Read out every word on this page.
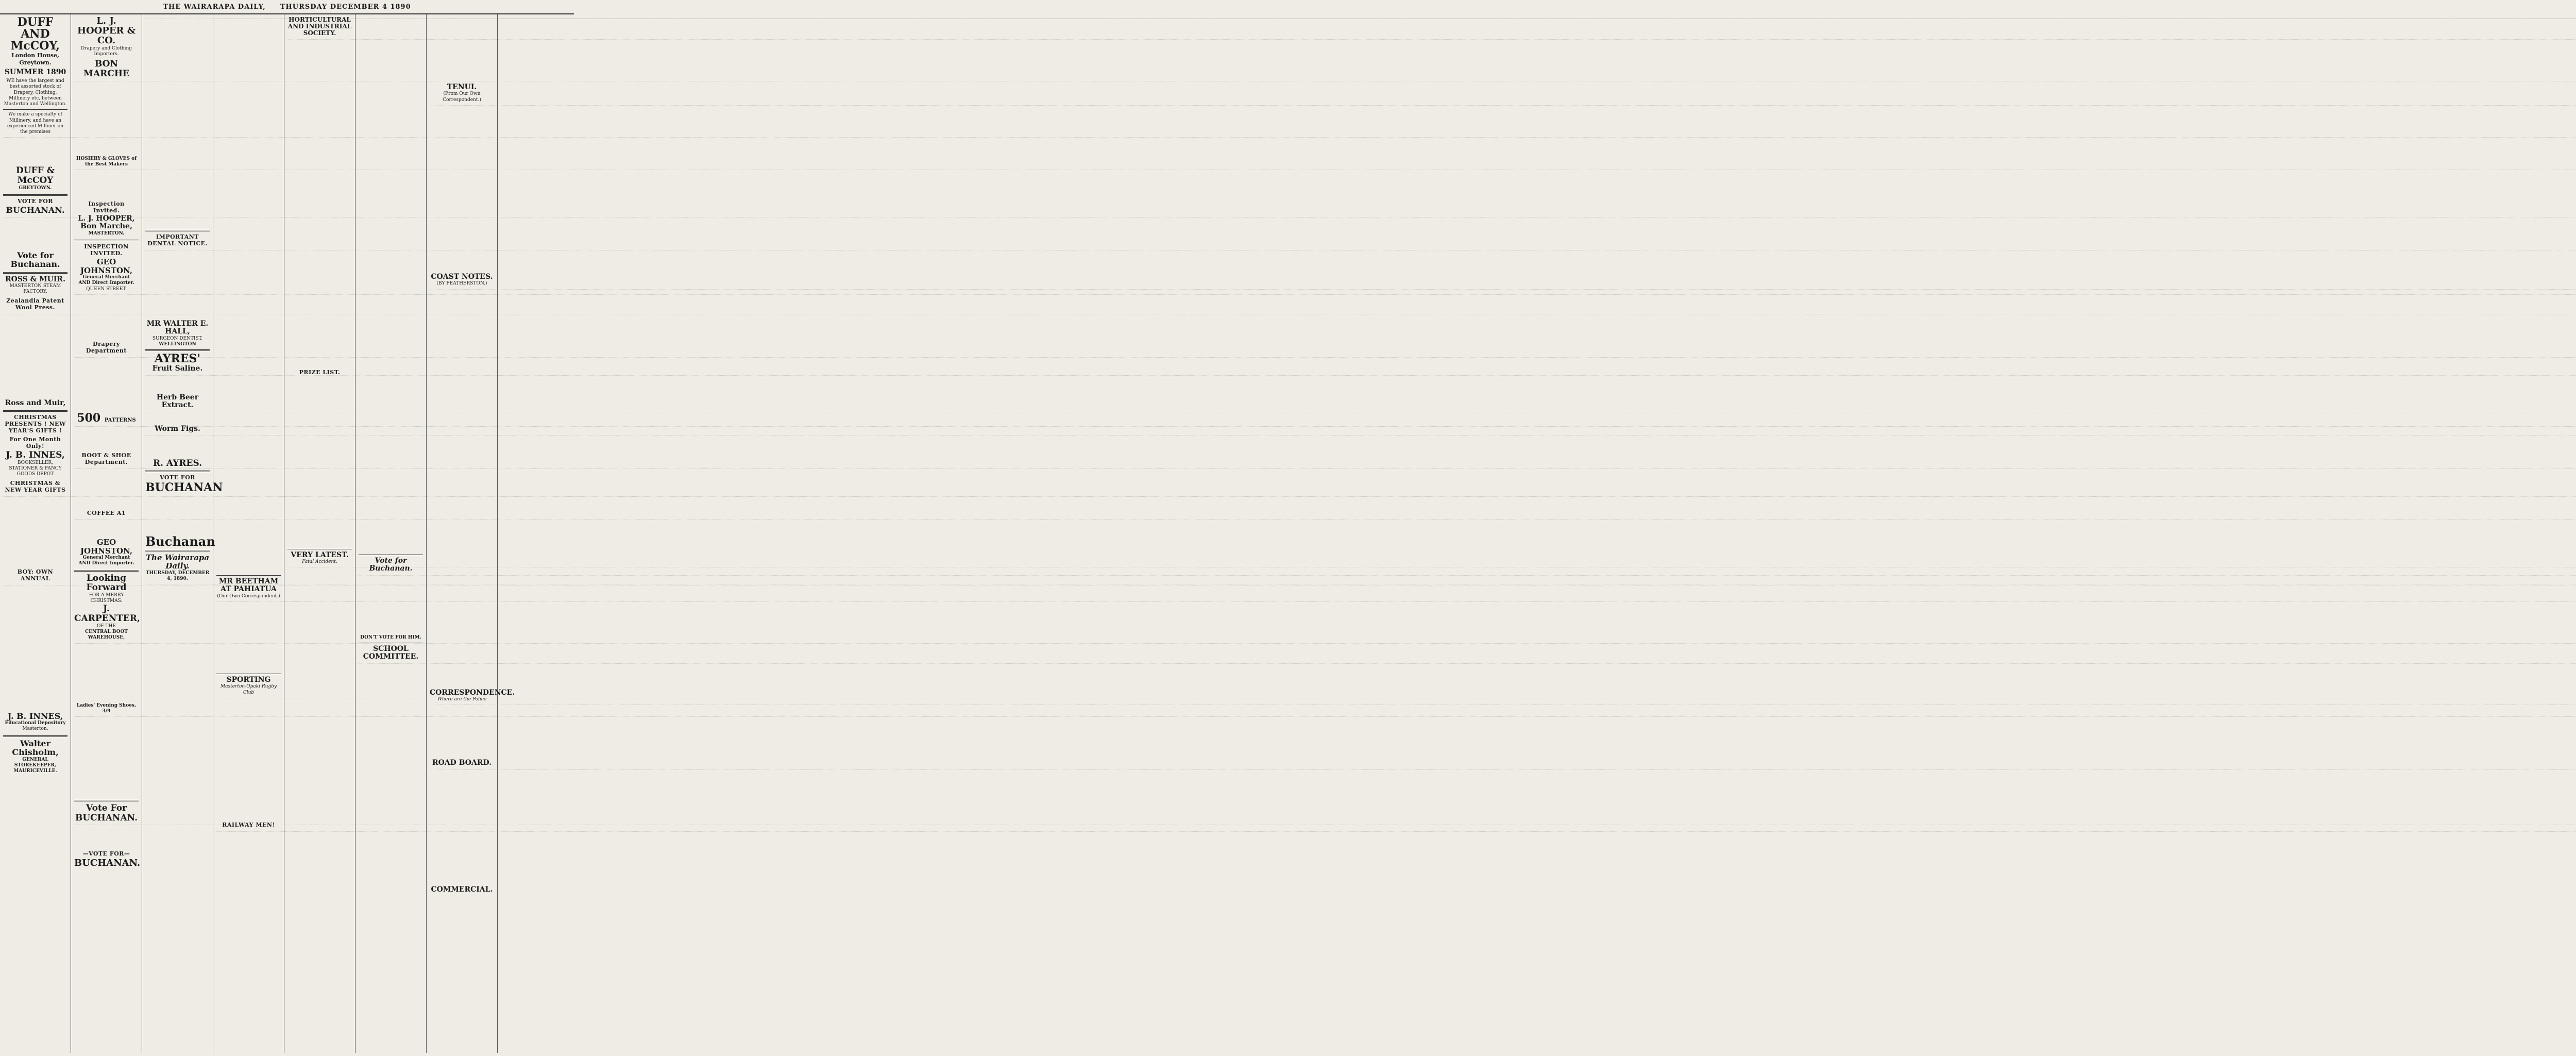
THE WAIRARAPA DAILY, THURSDAY DECEMBER 4 1890
DUFF AND McCOY,
London House, Greytown.
SUMMER 1890
WE have the largest and best assorted stock of Drapery, Clothing, Millinery etc, between Masterton and Wellington.
We make a specialty of Millinery, and have an experienced Milliner on the premises
.....
DUFF & McCOY
GREYTOWN.
VOTE FOR
BUCHANAN.
.....
Vote for
Buchanan.
ROSS & MUIR.
MASTERTON STEAM FACTORY.
Zealandia Patent Wool Press.
.....
Ross and Muir,
CHRISTMAS PRESENTS ! NEW YEAR'S GIFTS !
For One Month Only!
J. B. INNES,
BOOKSELLER, STATIONER & FANCY GOODS DEPOT
CHRISTMAS & NEW YEAR GIFTS
.....
BOY: OWN ANNUAL
.....
J. B. INNES,
Educational Depository
Masterton.
Walter Chisholm,
GENERAL STOREKEEPER,
MAURICEVILLE.
L. J. HOOPER & CO.
Drapery and Clothing Importers.
BON MARCHE
.....
HOSIERY & GLOVES of the Best Makers
.....
Inspection Invited.
L. J. HOOPER,
Bon Marche,
MASTERTON.
INSPECTION INVITED.
GEO JOHNSTON,
General Merchant
AND Direct Importer.
QUEEN STREET.
.....
Drapery Department
.....
500 PATTERNS
.....
BOOT & SHOE Department.
.....
COFFEE A1
.....
GEO JOHNSTON,
General Merchant
AND Direct Importer.
Looking Forward
FOR A MERRY CHRISTMAS.
J. CARPENTER,
OF THE
CENTRAL BOOT WAREHOUSE,
.....
Ladies' Evening Shoes, 3/9
.....
Vote For
BUCHANAN.
.....
—VOTE FOR—
BUCHANAN.
.....
IMPORTANT DENTAL NOTICE.
.....
MR WALTER E. HALL,
SURGEON DENTIST,
WELLINGTON
AYRES'
Fruit Saline.
.....
Herb Beer Extract.
.....
Worm Figs.
.....
R. AYRES.
VOTE FOR
BUCHANAN
.....
Buchanan
The Wairarapa Daily.
THURSDAY, DECEMBER 4, 1890.
.....
.....	MR BEETHAM AT PAHIATUA
(Our Own Correspondent.)
.....
SPORTING
Masterton-Opaki Rugby Club
.....
RAILWAY MEN!
.....
HORTICULTURAL AND INDUSTRIAL SOCIETY.
.....
PRIZE LIST.
.....
VERY LATEST.
Fatal Accident.
.....
.....	Vote for Buchanan.
.....
DON'T VOTE FOR HIM.
SCHOOL COMMITTEE.
.....
.....
TENUI.
(From Our Own Correspondent.)
.....
COAST NOTES.
(BY FEATHERSTON.)
.....
CORRESPONDENCE.
Where are the Police
.....
ROAD BOARD.
.....
COMMERCIAL.
.....
.....
